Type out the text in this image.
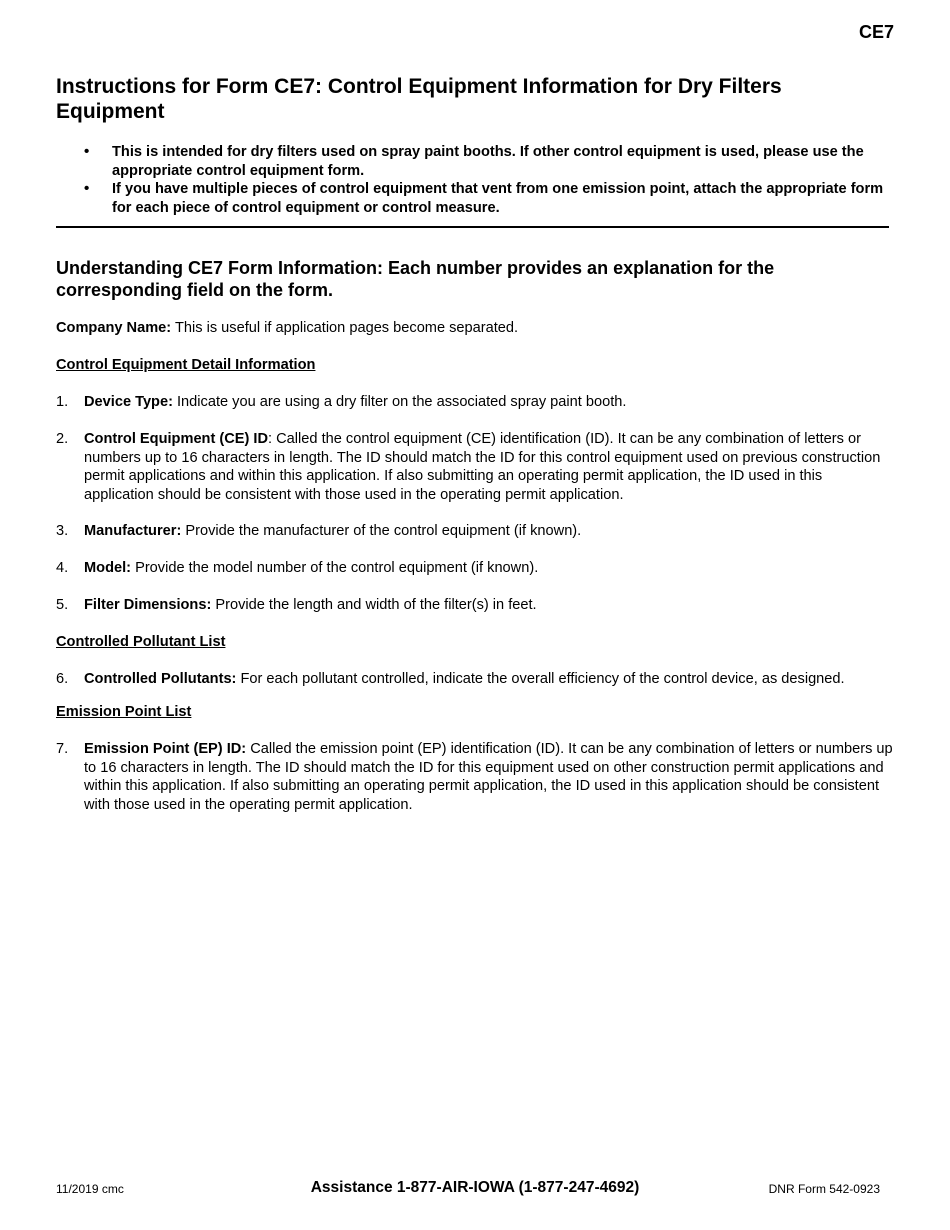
CE7
Instructions for Form CE7: Control Equipment Information for Dry Filters Equipment
• This is intended for dry filters used on spray paint booths. If other control equipment is used, please use the appropriate control equipment form.
• If you have multiple pieces of control equipment that vent from one emission point, attach the appropriate form for each piece of control equipment or control measure.
Understanding CE7 Form Information: Each number provides an explanation for the corresponding field on the form.

Company Name: This is useful if application pages become separated.

Control Equipment Detail Information

1.	Device Type: Indicate you are using a dry filter on the associated spray paint booth.
2.	Control Equipment (CE) ID: Called the control equipment (CE) identification (ID). It can be any combination of letters or numbers up to 16 characters in length. The ID should match the ID for this control equipment used on previous construction permit applications and within this application. If also submitting an operating permit application, the ID used in this application should be consistent with those used in the operating permit application.
3.	Manufacturer: Provide the manufacturer of the control equipment (if known).
4.	Model: Provide the model number of the control equipment (if known).
5.	Filter Dimensions: Provide the length and width of the filter(s) in feet.

Controlled Pollutant List

6.	Controlled Pollutants: For each pollutant controlled, indicate the overall efficiency of the control device, as designed.

Emission Point List

7.	Emission Point (EP) ID: Called the emission point (EP) identification (ID). It can be any combination of letters or numbers up to 16 characters in length. The ID should match the ID for this equipment used on other construction permit applications and within this application. If also submitting an operating permit application, the ID used in this application should be consistent with those used in the operating permit application.
11/2019 cmc	Assistance 1-877-AIR-IOWA (1-877-247-4692)	DNR Form 542-0923
